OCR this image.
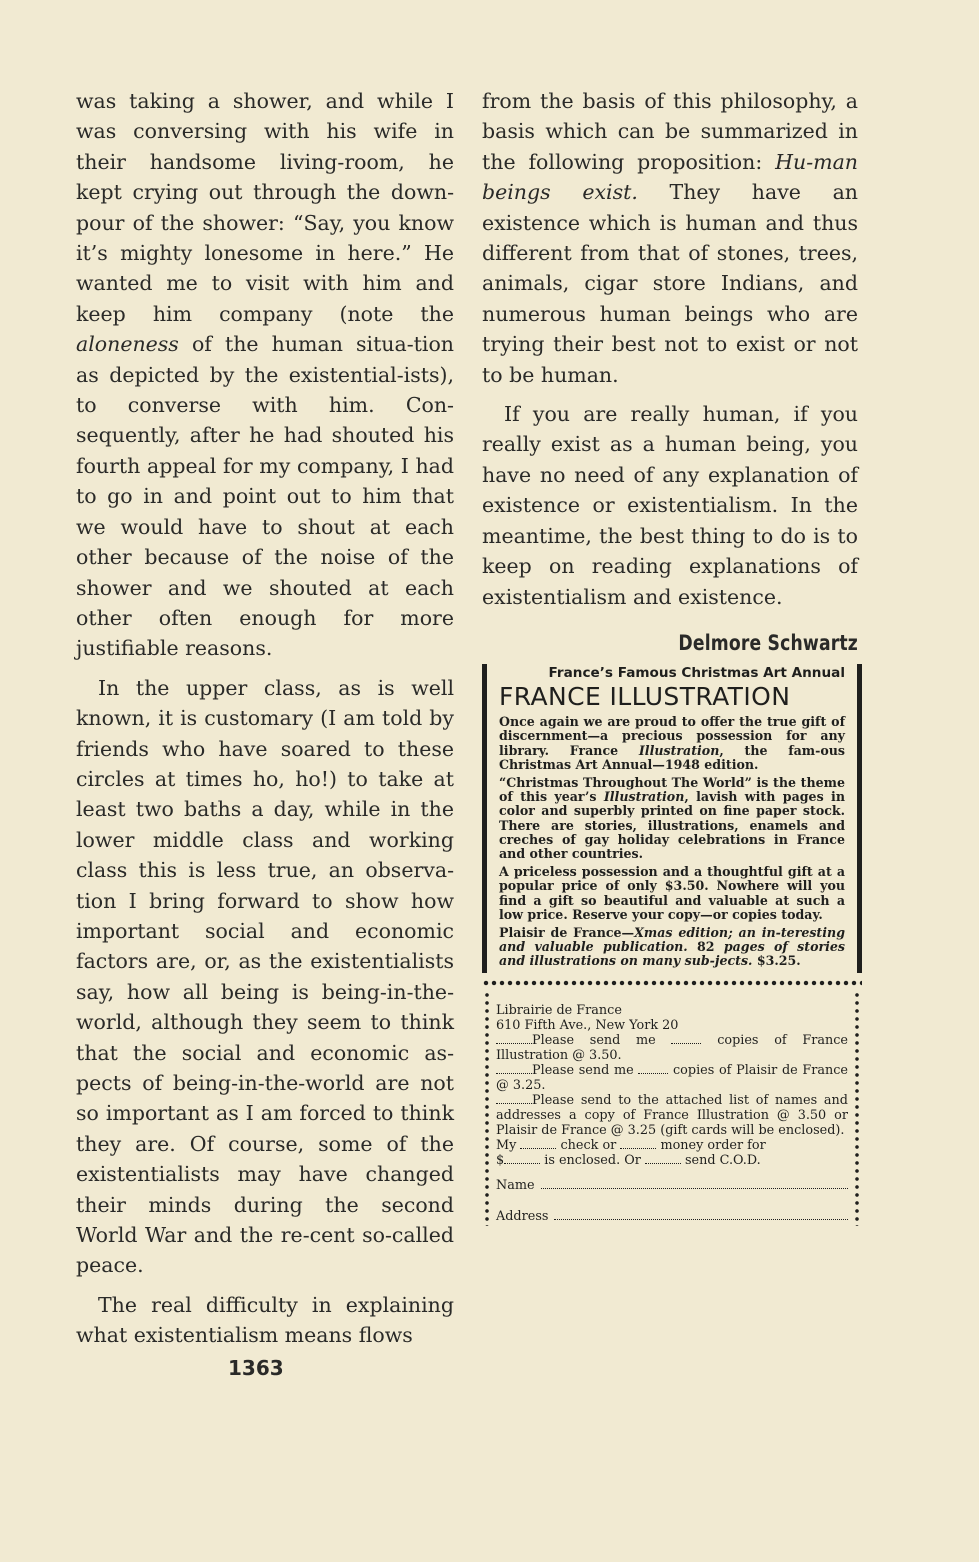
was taking a shower, and while I was conversing with his wife in their handsome living-room, he kept crying out through the down-pour of the shower: “Say, you know it’s mighty lonesome in here.” He wanted me to visit with him and keep him company (note the aloneness of the human situa-tion as depicted by the existential-ists), to converse with him. Con-sequently, after he had shouted his fourth appeal for my company, I had to go in and point out to him that we would have to shout at each other because of the noise of the shower and we shouted at each other often enough for more justifiable reasons.

In the upper class, as is well known, it is customary (I am told by friends who have soared to these circles at times ho, ho!) to take at least two baths a day, while in the lower middle class and working class this is less true, an observa-tion I bring forward to show how important social and economic factors are, or, as the existentialists say, how all being is being-in-the-world, although they seem to think that the social and economic as-pects of being-in-the-world are not so important as I am forced to think they are. Of course, some of the existentialists may have changed their minds during the second World War and the re-cent so-called peace.

The real difficulty in explaining what existentialism means flows

from the basis of this philosophy, a basis which can be summarized in the following proposition: Hu-man beings exist. They have an existence which is human and thus different from that of stones, trees, animals, cigar store Indians, and numerous human beings who are trying their best not to exist or not to be human.

If you are really human, if you really exist as a human being, you have no need of any explanation of existence or existentialism. In the meantime, the best thing to do is to keep on reading explanations of existentialism and existence.

Delmore Schwartz
France’s Famous Christmas Art Annual
FRANCE ILLUSTRATION

Once again we are proud to offer the true gift of discernment—a precious possession for any library. France Illustration, the fam-ous Christmas Art Annual—1948 edition.

“Christmas Throughout The World” is the theme of this year’s Illustration, lavish with pages in color and superbly printed on fine paper stock. There are stories, illustrations, enamels and creches of gay holiday celebrations in France and other countries.

A priceless possession and a thoughtful gift at a popular price of only $3.50. Nowhere will you find a gift so beautiful and valuable at such a low price. Reserve your copy—or copies today.

Plaisir de France—Xmas edition; an in-teresting and valuable publication. 82 pages of stories and illustrations on many sub-jects. $3.25.

Librairie de France
610 Fifth Ave., New York 20
Please send me	copies of France Illustration @ 3.50.
Please send me	copies of Plaisir de France @ 3.25.
Please send to the attached list of names and addresses a copy of France Illustration @ 3.50 or Plaisir de France @ 3.25 (gift cards will be enclosed).
My	check or	money order for
$	is enclosed. Or	send C.O.D.
Name
Address
1363
